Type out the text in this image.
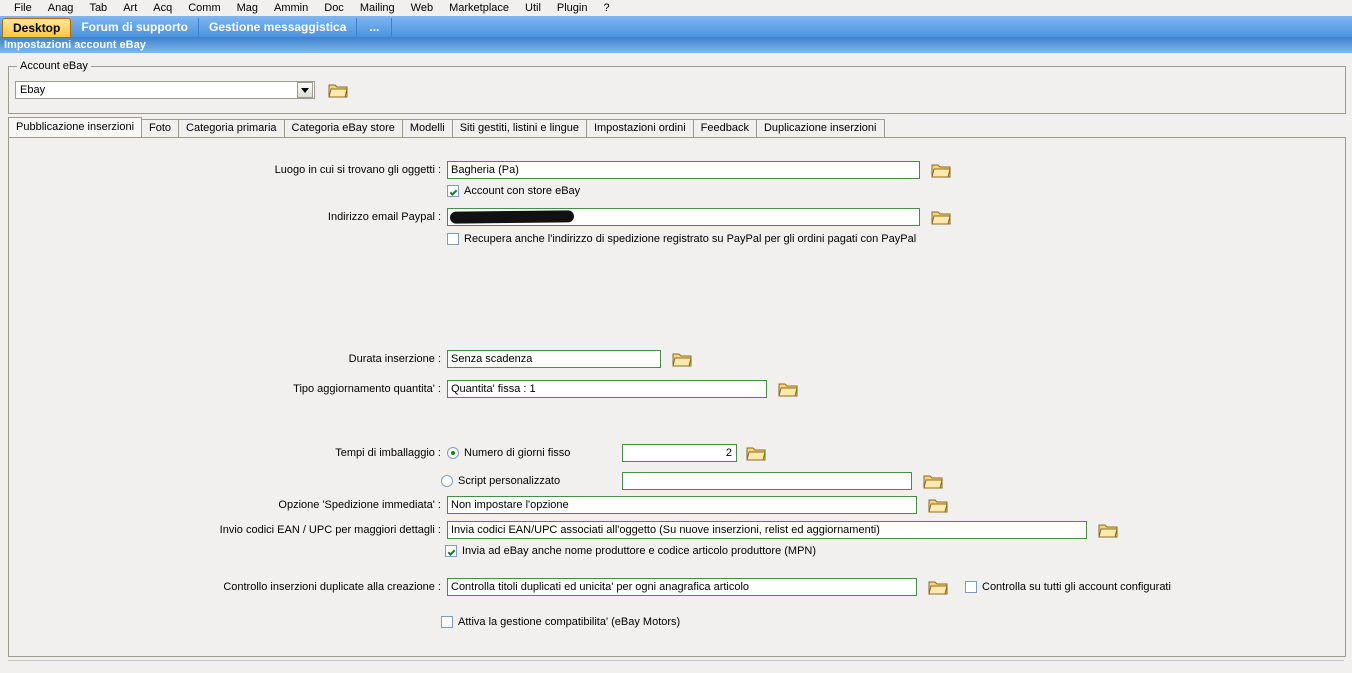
File	Anag	Tab	Art	Acq	Comm	Mag	Ammin	Doc	Mailing	Web	Marketplace	Util	Plugin	?
Desktop	Forum di supporto	Gestione messaggistica	...
Impostazioni account eBay
Account eBay
Ebay
Pubblicazione inserzioni	Foto	Categoria primaria	Categoria eBay store	Modelli	Siti gestiti, listini e lingue	Impostazioni ordini	Feedback	Duplicazione inserzioni
Luogo in cui si trovano gli oggetti : Bagheria (Pa)
Account con store eBay
Indirizzo email Paypal :
Recupera anche l'indirizzo di spedizione registrato su PayPal per gli ordini pagati con PayPal
Durata inserzione : Senza scadenza
Tipo aggiornamento quantita' : Quantita' fissa : 1
Tempi di imballaggio :	Numero di giorni fisso	2
Script personalizzato
Opzione 'Spedizione immediata' : Non impostare l'opzione
Invio codici EAN / UPC per maggiori dettagli : Invia codici EAN/UPC associati all'oggetto (Su nuove inserzioni, relist ed aggiornamenti)
Invia ad eBay anche nome produttore e codice articolo produttore (MPN)
Controllo inserzioni duplicate alla creazione : Controlla titoli duplicati ed unicita' per ogni anagrafica articolo	Controlla su tutti gli account configurati
Attiva la gestione compatibilita' (eBay Motors)
